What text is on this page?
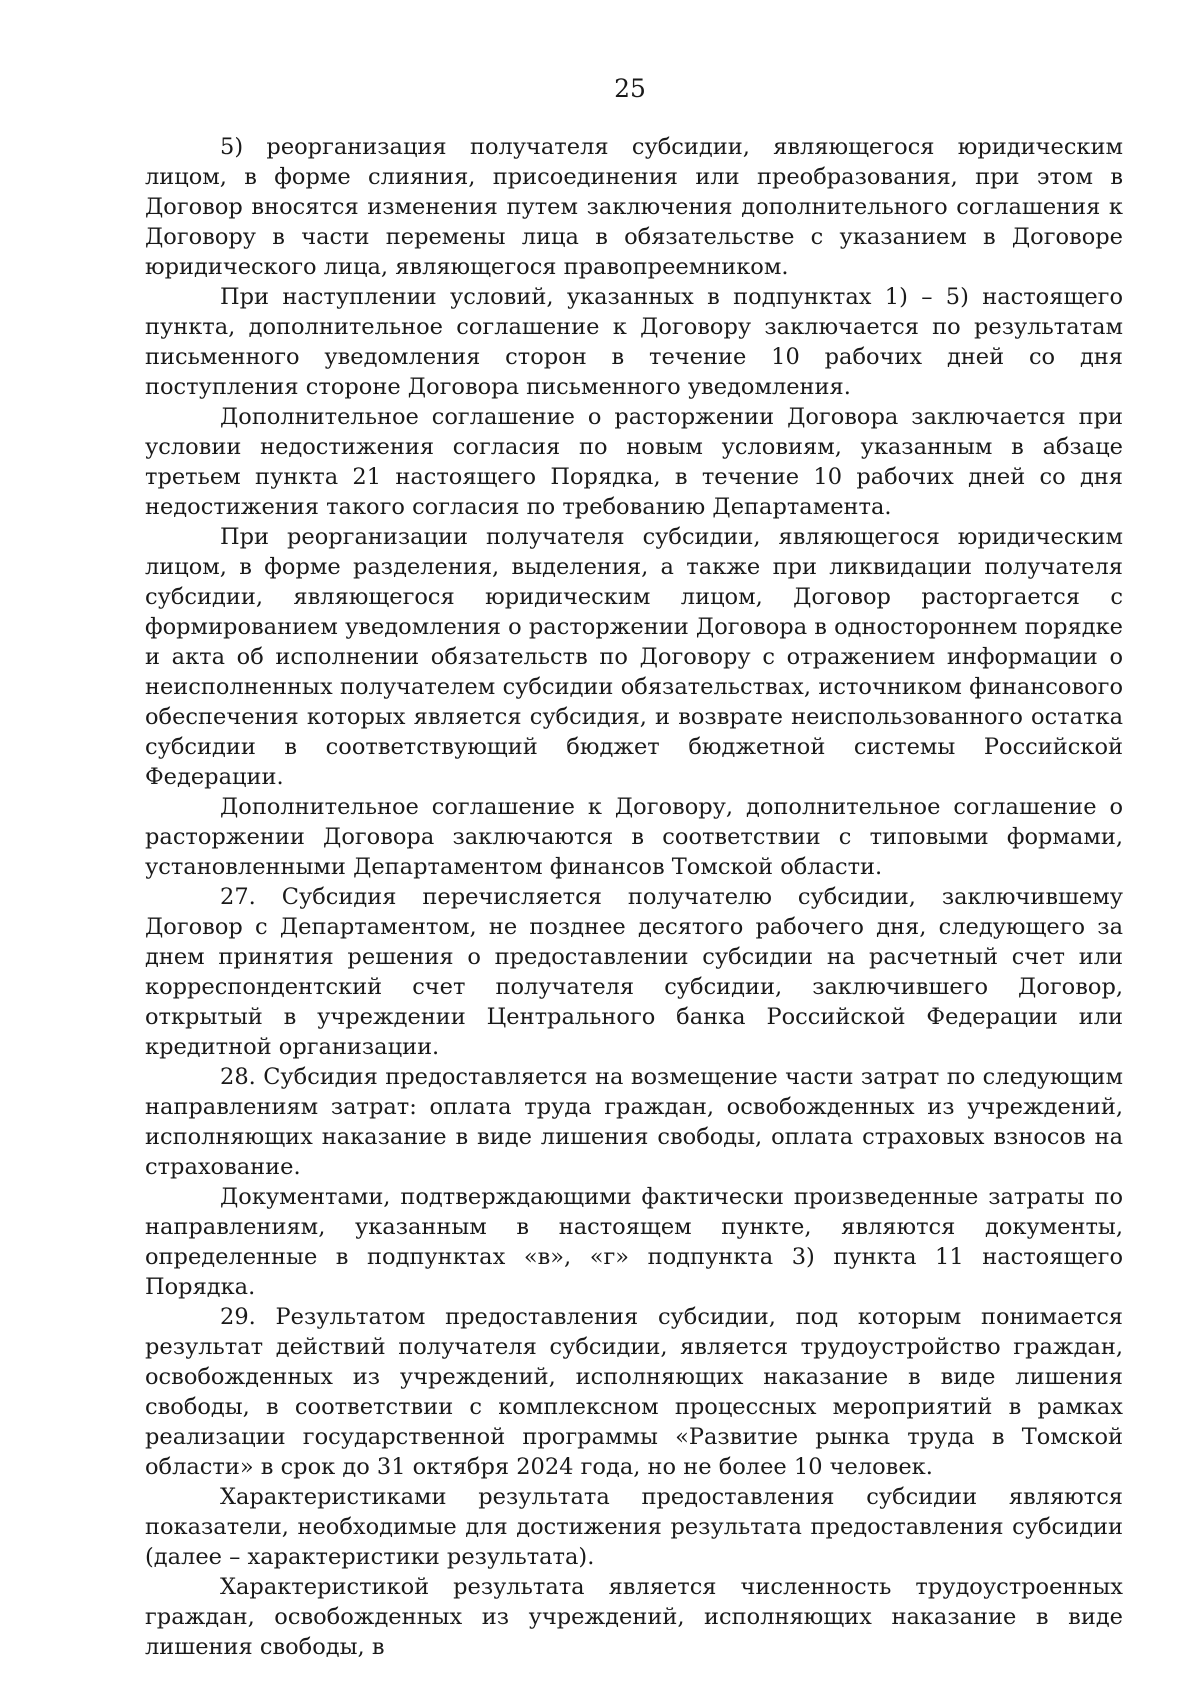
25

5) реорганизация получателя субсидии, являющегося юридическим лицом, в форме слияния, присоединения или преобразования, при этом в Договор вносятся изменения путем заключения дополнительного соглашения к Договору в части перемены лица в обязательстве с указанием в Договоре юридического лица, являющегося правопреемником.

При наступлении условий, указанных в подпунктах 1) – 5) настоящего пункта, дополнительное соглашение к Договору заключается по результатам письменного уведомления сторон в течение 10 рабочих дней со дня поступления стороне Договора письменного уведомления.

Дополнительное соглашение о расторжении Договора заключается при условии недостижения согласия по новым условиям, указанным в абзаце третьем пункта 21 настоящего Порядка, в течение 10 рабочих дней со дня недостижения такого согласия по требованию Департамента.

При реорганизации получателя субсидии, являющегося юридическим лицом, в форме разделения, выделения, а также при ликвидации получателя субсидии, являющегося юридическим лицом, Договор расторгается с формированием уведомления о расторжении Договора в одностороннем порядке и акта об исполнении обязательств по Договору с отражением информации о неисполненных получателем субсидии обязательствах, источником финансового обеспечения которых является субсидия, и возврате неиспользованного остатка субсидии в соответствующий бюджет бюджетной системы Российской Федерации.

Дополнительное соглашение к Договору, дополнительное соглашение о расторжении Договора заключаются в соответствии с типовыми формами, установленными Департаментом финансов Томской области.

27. Субсидия перечисляется получателю субсидии, заключившему Договор с Департаментом, не позднее десятого рабочего дня, следующего за днем принятия решения о предоставлении субсидии на расчетный счет или корреспондентский счет получателя субсидии, заключившего Договор, открытый в учреждении Центрального банка Российской Федерации или кредитной организации.

28. Субсидия предоставляется на возмещение части затрат по следующим направлениям затрат: оплата труда граждан, освобожденных из учреждений, исполняющих наказание в виде лишения свободы, оплата страховых взносов на страхование.

Документами, подтверждающими фактически произведенные затраты по направлениям, указанным в настоящем пункте, являются документы, определенные в подпунктах «в», «г» подпункта 3) пункта 11 настоящего Порядка.

29. Результатом предоставления субсидии, под которым понимается результат действий получателя субсидии, является трудоустройство граждан, освобожденных из учреждений, исполняющих наказание в виде лишения свободы, в соответствии с комплексном процессных мероприятий в рамках реализации государственной программы «Развитие рынка труда в Томской области» в срок до 31 октября 2024 года, но не более 10 человек.

Характеристиками результата предоставления субсидии являются показатели, необходимые для достижения результата предоставления субсидии (далее – характеристики результата).

Характеристикой результата является численность трудоустроенных граждан, освобожденных из учреждений, исполняющих наказание в виде лишения свободы, в
